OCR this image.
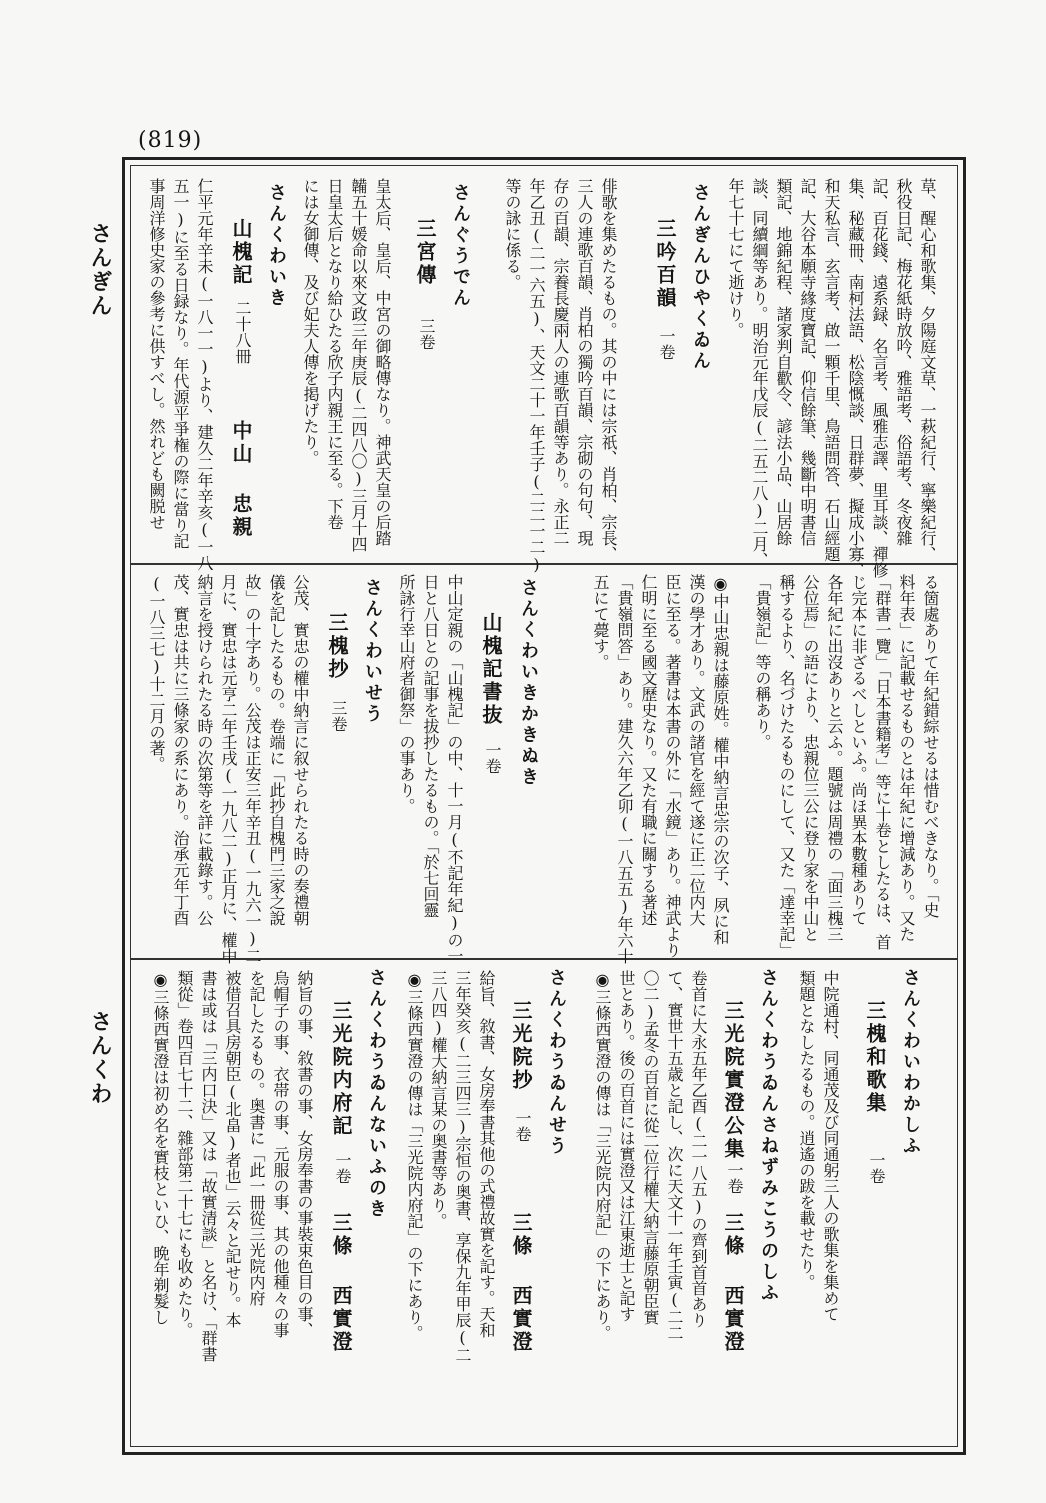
(819)
さんぎん
さんくわ

草、醒心和歌集、夕陽庭文草、一萩紀行、寧樂紀行、

秋役日記、梅花紙時放吟、雅語考、俗語考、冬夜雜

記、百花錢、遠系録、名言考、風雅志譯、里耳談、禪修

集、秘藏冊、南柯法語、松陰慨談、日群夢、擬成小寡、

和天私言、玄言考、啟一顆千里、鳥語問答、石山經題

記、大谷本願寺緣度寶記、仰信餘筆、幾斷中明書信

類記、地錦紀程、諸家判自歡令、諺法小品、山居餘

談、同續綱等あり。明治元年戊辰(二五二八)二月、

年七十七にて逝けり。

さんぎんひやくゐん
三吟百韻
一卷

俳歌を集めたるもの。其の中には宗祇、肖柏、宗長、

三人の連歌百韻、肖柏の獨吟百韻、宗砌の句句、現

存の百韻、宗養長慶兩人の連歌百韻等あり。永正二

年乙丑(二一六五)、天文二十一年壬子(二二一二)

等の詠に係る。

さんぐうでん
三宮傳
三卷

皇太后、皇后、中宮の御略傳なり。神武天皇の后踏

韛五十媛命以來文政三年庚辰(二四八〇)三月十四

日皇太后となり給ひたる欣子内親王に至る。下卷

には女御傳、及び妃夫人傳を掲げたり。

さんくわいき
山槐記
二十八冊
中山 忠親

仁平元年辛未(一八一一)より、建久二年辛亥(一八

五一)に至る日録なり。年代源平爭権の際に當り記

事周洋修史家の參考に供すべし。然れども闕脱せ

る箇處ありて年紀錯綜せるは惜むべきなり。「史

料年表」に記載せるものとは年紀に增減あり。又た

「群書一覽」「日本書籍考」等に十卷としたるは、首

じ完本に非ざるべしといふ。尚ほ異本數種ありて

各年紀に出沒ありと云ふ。題號は周禮の「面三槐三

公位焉」の語により、忠親位三公に登り家を中山と

稱するより、名づけたるものにして、又た「達幸記」

「貴嶺記」等の稱あり。

◉中山忠親は藤原姓。權中納言忠宗の次子、夙に和

漢の學才あり。文武の諸官を經て遂に正二位内大

臣に至る。著書は本書の外に「水鏡」あり。神武より

仁明に至る國文歷史なり。又た有職に關する著述

「貴嶺問答」あり。建久六年乙卯(一八五五)年六十

五にて薨す。

さんくわいきかきぬき
山槐記書抜
一卷

中山定親の「山槐記」の中、十一月(不記年紀)の一

日と八日との記事を拔抄したるもの。「於七回靈

所詠行幸山府者御祭」の事あり。

さんくわいせう
三槐抄
三卷

公茂、實忠の權中納言に叙せられたる時の奏禮朝

儀を記したるもの。卷端に「此抄自槐門三家之說

故」の十字あり。公茂は正安三年辛丑(一九六一)二

月に、實忠は元亨二年壬戌(一九八二)正月に、權中

納言を授けられたる時の次第等を詳に載錄す。公

茂、實忠は共に三條家の系にあり。治承元年丁酉

(一八三七)十二月の著。

さんくわいわかしふ
三槐和歌集
一卷

中院通村、同通茂及び同通躬三人の歌集を集めて

類題となしたるもの。逍遙の跋を載せたり。

さんくわうゐんさねずみこうのしふ
三光院實澄公集
一卷
三條 西實澄

卷首に大永五年乙酉(二一八五)の齊到首首あり

て、實世十五歳と記し、次に天文十一年壬寅(二二

〇二)孟冬の百首に從二位行權大納言藤原朝臣實

世とあり。後の百首には實澄又は江東逝士と記す

◉三條西實澄の傳は「三光院内府記」の下にあり。

さんくわうゐんせう
三光院抄
一卷
三條 西實澄

給旨、敘書、女房奉書其他の式禮故實を記す。天和

三年癸亥(二三四三)宗恒の奥書、享保九年甲辰(二

三八四)權大納言某の奥書等あり。

◉三條西實澄の傳は「三光院内府記」の下にあり。

さんくわうゐんないふのき
三光院内府記
一卷
三條 西實澄

納旨の事、敘書の事、女房奉書の事裝束色目の事、

烏帽子の事、衣帯の事、元服の事、其の他種々の事

を記したるもの。奥書に「此一冊從三光院内府

被借召具房朝臣(北畠)者也」云々と記せり。本

書は或は「三内口決」又は「故實清談」と名け、「群書

類從」卷四百七十二、雜部第二十七にも收めたり。

◉三條西實澄は初め名を實枝といひ、晩年剃髮し
